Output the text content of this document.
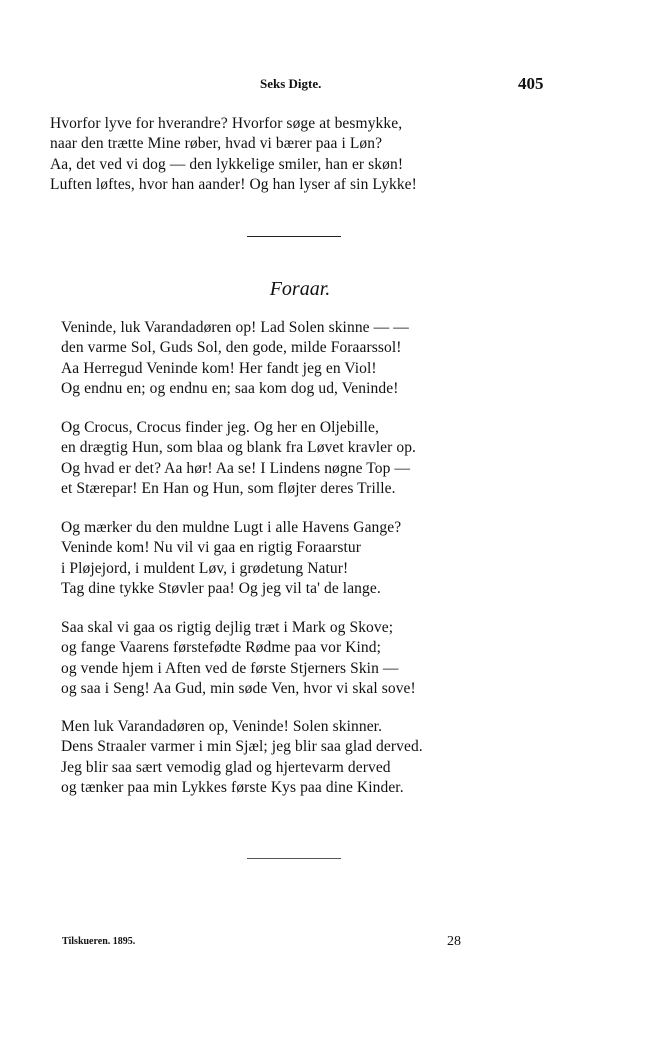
Seks Digte.	405
Hvorfor lyve for hverandre? Hvorfor søge at besmykke,
naar den trætte Mine røber, hvad vi bærer paa i Løn?
Aa, det ved vi dog — den lykkelige smiler, han er skøn!
Luften løftes, hvor han aander! Og han lyser af sin Lykke!
Foraar.
Veninde, luk Varandadøren op! Lad Solen skinne — —
den varme Sol, Guds Sol, den gode, milde Foraarssol!
Aa Herregud Veninde kom! Her fandt jeg en Viol!
Og endnu en; og endnu en; saa kom dog ud, Veninde!
Og Crocus, Crocus finder jeg. Og her en Oljebille,
en drægtig Hun, som blaa og blank fra Løvet kravler op.
Og hvad er det? Aa hør! Aa se! I Lindens nøgne Top —
et Stærepar! En Han og Hun, som fløjter deres Trille.
Og mærker du den muldne Lugt i alle Havens Gange?
Veninde kom! Nu vil vi gaa en rigtig Foraarstur
i Pløjejord, i muldent Løv, i grødetung Natur!
Tag dine tykke Støvler paa! Og jeg vil ta' de lange.
Saa skal vi gaa os rigtig dejlig træt i Mark og Skove;
og fange Vaarens førstefødte Rødme paa vor Kind;
og vende hjem i Aften ved de første Stjerners Skin —
og saa i Seng! Aa Gud, min søde Ven, hvor vi skal sove!
Men luk Varandadøren op, Veninde! Solen skinner.
Dens Straaler varmer i min Sjæl; jeg blir saa glad derved.
Jeg blir saa sært vemodig glad og hjertevarm derved
og tænker paa min Lykkes første Kys paa dine Kinder.
Tilskueren. 1895.	28
